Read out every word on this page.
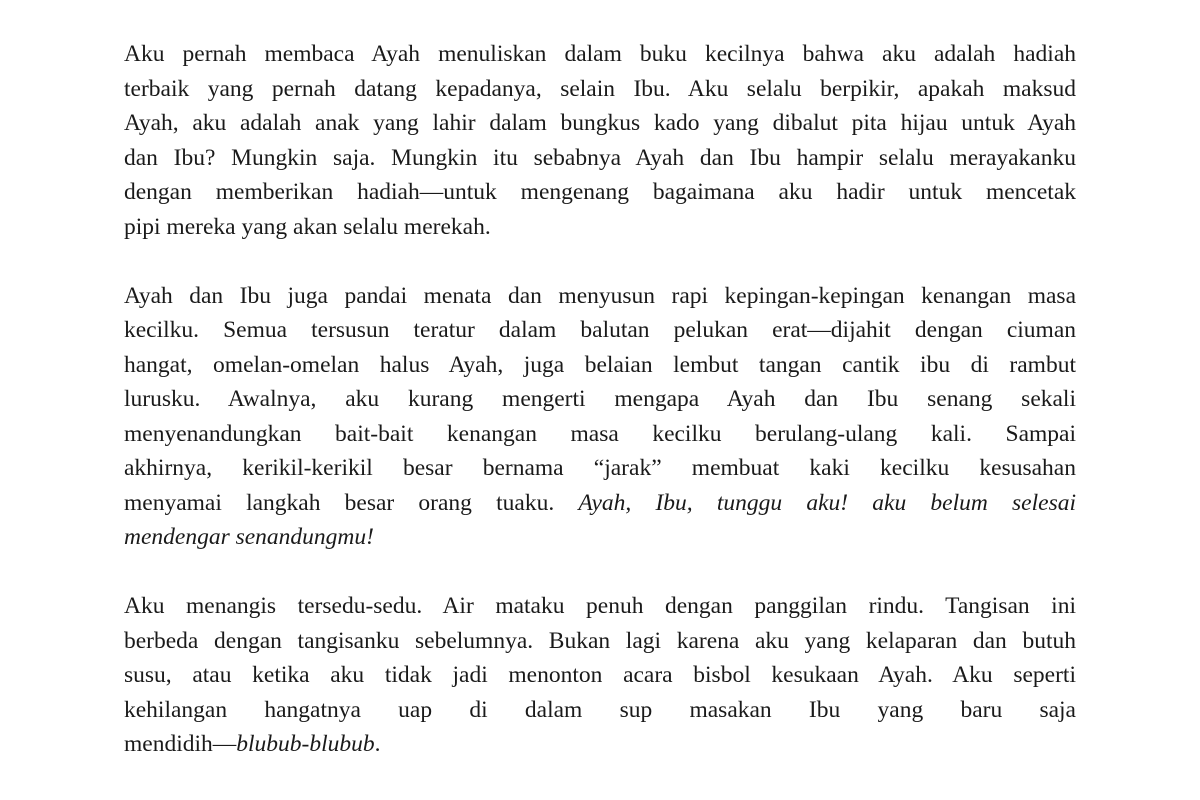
Aku pernah membaca Ayah menuliskan dalam buku kecilnya bahwa aku adalah hadiah
terbaik yang pernah datang kepadanya, selain Ibu. Aku selalu berpikir, apakah maksud
Ayah, aku adalah anak yang lahir dalam bungkus kado yang dibalut pita hijau untuk Ayah
dan Ibu? Mungkin saja. Mungkin itu sebabnya Ayah dan Ibu hampir selalu merayakanku
dengan memberikan hadiah—untuk mengenang bagaimana aku hadir untuk mencetak
pipi mereka yang akan selalu merekah.
Ayah dan Ibu juga pandai menata dan menyusun rapi kepingan-kepingan kenangan masa
kecilku. Semua tersusun teratur dalam balutan pelukan erat—dijahit dengan ciuman
hangat, omelan-omelan halus Ayah, juga belaian lembut tangan cantik ibu di rambut
lurusku. Awalnya, aku kurang mengerti mengapa Ayah dan Ibu senang sekali
menyenandungkan bait-bait kenangan masa kecilku berulang-ulang kali. Sampai
akhirnya, kerikil-kerikil besar bernama “jarak” membuat kaki kecilku kesusahan
menyamai langkah besar orang tuaku. Ayah, Ibu, tunggu aku! aku belum selesai
mendengar senandungmu!
Aku menangis tersedu-sedu. Air mataku penuh dengan panggilan rindu. Tangisan ini
berbeda dengan tangisanku sebelumnya. Bukan lagi karena aku yang kelaparan dan butuh
susu, atau ketika aku tidak jadi menonton acara bisbol kesukaan Ayah. Aku seperti
kehilangan hangatnya uap di dalam sup masakan Ibu yang baru saja
mendidih—blubub-blubub.
